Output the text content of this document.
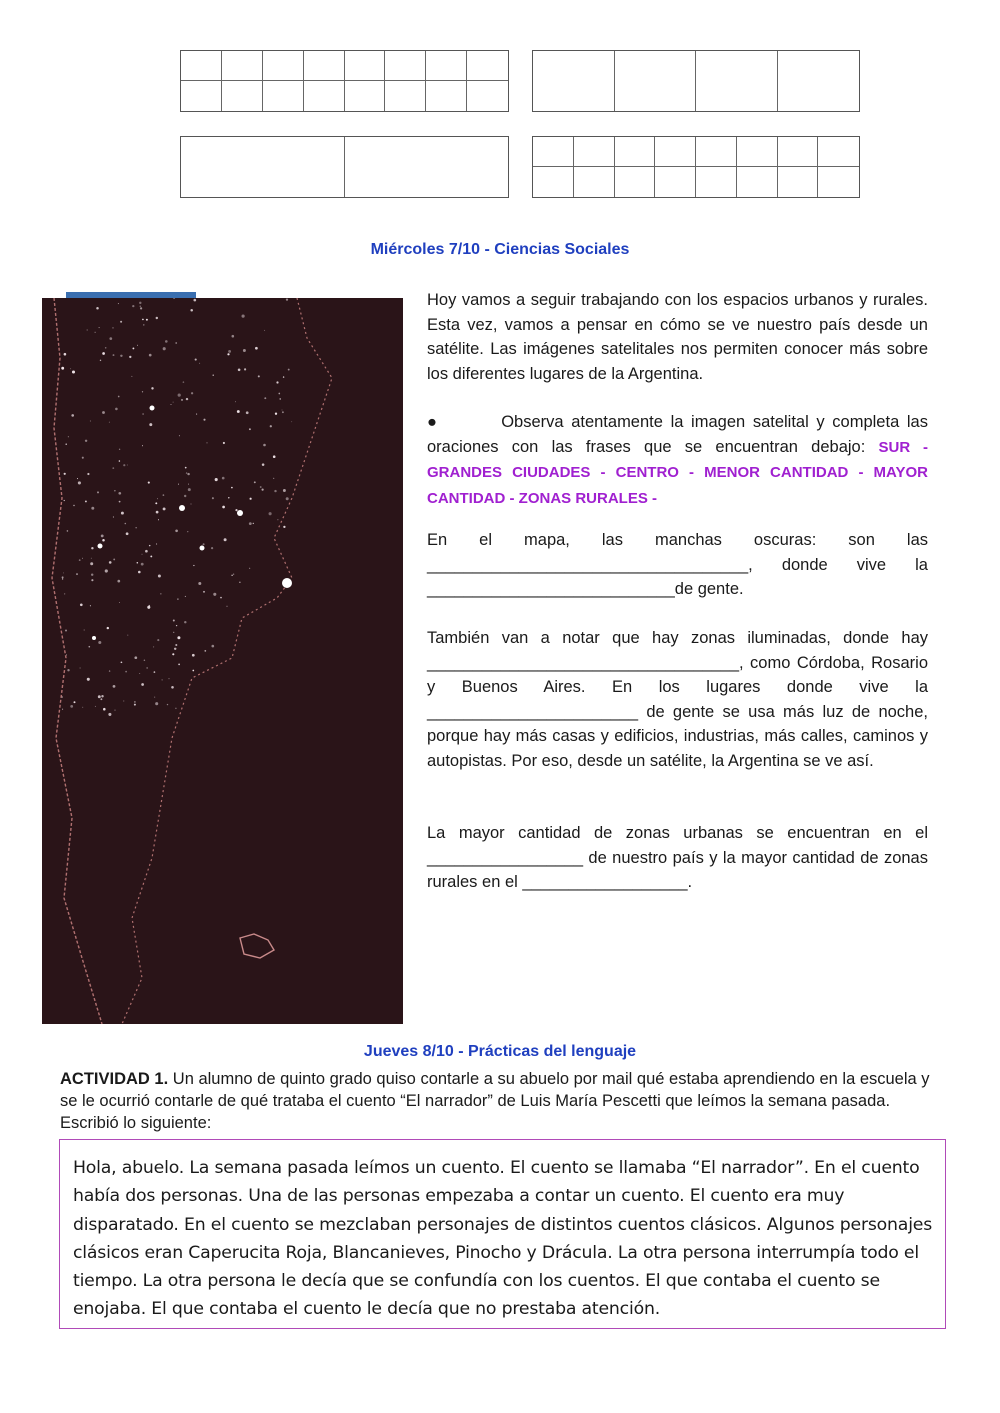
Miércoles 7/10 - Ciencias Sociales
Hoy vamos a seguir trabajando con los espacios urbanos y rurales. Esta vez, vamos a pensar en cómo se ve nuestro país desde un satélite. Las imágenes satelitales nos permiten conocer más sobre los diferentes lugares de la Argentina.
●	Observa atentamente la imagen satelital y completa las oraciones con las frases que se encuentran debajo: SUR - GRANDES CIUDADES - CENTRO - MENOR CANTIDAD - MAYOR CANTIDAD - ZONAS RURALES -
En el mapa, las manchas oscuras: son las ___________________________________, donde vive la ___________________________de gente.
También van a notar que hay zonas iluminadas, donde hay __________________________________, como Córdoba, Rosario y Buenos Aires. En los lugares donde vive la _______________________ de gente se usa más luz de noche, porque hay más casas y edificios, industrias, más calles, caminos y autopistas. Por eso, desde un satélite, la Argentina se ve así.
La mayor cantidad de zonas urbanas se encuentran en el _________________ de nuestro país y la mayor cantidad de zonas rurales en el __________________.
Jueves 8/10 - Prácticas del lenguaje
ACTIVIDAD 1. Un alumno de quinto grado quiso contarle a su abuelo por mail qué estaba aprendiendo en la escuela y se le ocurrió contarle de qué trataba el cuento “El narrador” de Luis María Pescetti que leímos la semana pasada. Escribió lo siguiente:

Hola, abuelo. La semana pasada leímos un cuento. El cuento se llamaba “El narrador”. En el cuento había dos personas. Una de las personas empezaba a contar un cuento. El cuento era muy disparatado. En el cuento se mezclaban personajes de distintos cuentos clásicos. Algunos personajes clásicos eran Caperucita Roja, Blancanieves, Pinocho y Drácula. La otra persona interrumpía todo el tiempo. La otra persona le decía que se confundía con los cuentos. El que contaba el cuento se enojaba. El que contaba el cuento le decía que no prestaba atención.
